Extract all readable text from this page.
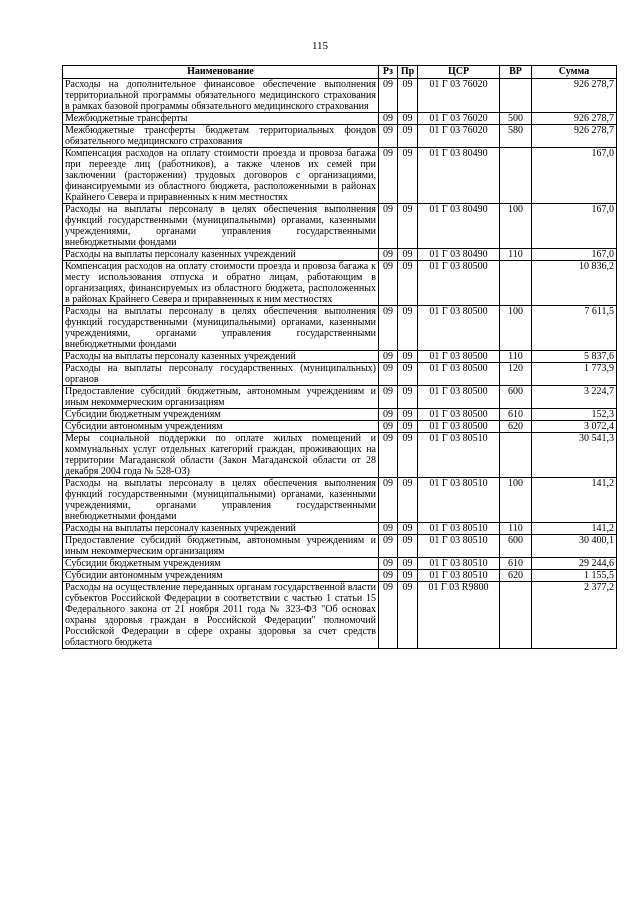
115
Наименование	Рз	Пр	ЦСР	ВР	Сумма
Расходы на дополнительное финансовое обеспечение выполнения территориальной программы обязательного медицинского страхования в рамках базовой программы обязательного медицинского страхования	09	09	01 Г 03 76020		926 278,7
Межбюджетные трансферты	09	09	01 Г 03 76020	500	926 278,7
Межбюджетные трансферты бюджетам территориальных фондов обязательного медицинского страхования	09	09	01 Г 03 76020	580	926 278,7
Компенсация расходов на оплату стоимости проезда и провоза багажа при переезде лиц (работников), а также членов их семей при заключении (расторжении) трудовых договоров с организациями, финансируемыми из областного бюджета, расположенными в районах Крайнего Севера и приравненных к ним местностях	09	09	01 Г 03 80490		167,0
Расходы на выплаты персоналу в целях обеспечения выполнения функций государственными (муниципальными) органами, казенными учреждениями, органами управления государственными внебюджетными фондами	09	09	01 Г 03 80490	100	167,0
Расходы на выплаты персоналу казенных учреждений	09	09	01 Г 03 80490	110	167,0
Компенсация расходов на оплату стоимости проезда и провоза багажа к месту использования отпуска и обратно лицам, работающим в организациях, финансируемых из областного бюджета, расположенных в районах Крайнего Севера и приравненных к ним местностях	09	09	01 Г 03 80500		10 836,2
Расходы на выплаты персоналу в целях обеспечения выполнения функций государственными (муниципальными) органами, казенными учреждениями, органами управления государственными внебюджетными фондами	09	09	01 Г 03 80500	100	7 611,5
Расходы на выплаты персоналу казенных учреждений	09	09	01 Г 03 80500	110	5 837,6
Расходы на выплаты персоналу государственных (муниципальных) органов	09	09	01 Г 03 80500	120	1 773,9
Предоставление субсидий бюджетным, автономным учреждениям и иным некоммерческим организациям	09	09	01 Г 03 80500	600	3 224,7
Субсидии бюджетным учреждениям	09	09	01 Г 03 80500	610	152,3
Субсидии автономным учреждениям	09	09	01 Г 03 80500	620	3 072,4
Меры социальной поддержки по оплате жилых помещений и коммунальных услуг отдельных категорий граждан, проживающих на территории Магаданской области (Закон Магаданской области от 28 декабря 2004 года № 528-ОЗ)	09	09	01 Г 03 80510		30 541,3
Расходы на выплаты персоналу в целях обеспечения выполнения функций государственными (муниципальными) органами, казенными учреждениями, органами управления государственными внебюджетными фондами	09	09	01 Г 03 80510	100	141,2
Расходы на выплаты персоналу казенных учреждений	09	09	01 Г 03 80510	110	141,2
Предоставление субсидий бюджетным, автономным учреждениям и иным некоммерческим организациям	09	09	01 Г 03 80510	600	30 400,1
Субсидии бюджетным учреждениям	09	09	01 Г 03 80510	610	29 244,6
Субсидии автономным учреждениям	09	09	01 Г 03 80510	620	1 155,5
Расходы на осуществление переданных органам государственной власти субъектов Российской Федерации в соответствии с частью 1 статьи 15 Федерального закона от 21 ноября 2011 года № 323-ФЗ "Об основах охраны здоровья граждан в Российской Федерации" полномочий Российской Федерации в сфере охраны здоровья за счет средств областного бюджета	09	09	01 Г 03 R9800		2 377,2
